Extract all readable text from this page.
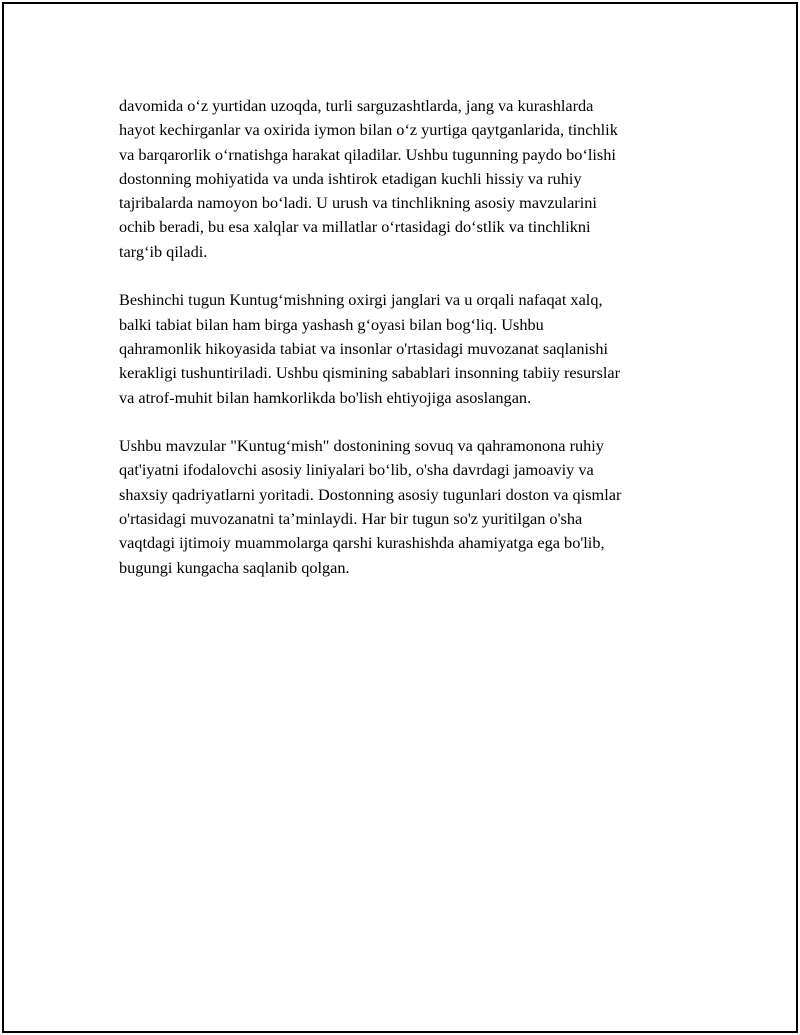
davomida o‘z yurtidan uzoqda, turli sarguzashtlarda, jang va kurashlarda
hayot kechirganlar va oxirida iymon bilan o‘z yurtiga qaytganlarida, tinchlik
va barqarorlik o‘rnatishga harakat qiladilar. Ushbu tugunning paydo bo‘lishi
dostonning mohiyatida va unda ishtirok etadigan kuchli hissiy va ruhiy
tajribalarda namoyon bo‘ladi. U urush va tinchlikning asosiy mavzularini
ochib beradi, bu esa xalqlar va millatlar o‘rtasidagi do‘stlik va tinchlikni
targ‘ib qiladi.

Beshinchi tugun Kuntug‘mishning oxirgi janglari va u orqali nafaqat xalq,
balki tabiat bilan ham birga yashash g‘oyasi bilan bog‘liq. Ushbu
qahramonlik hikoyasida tabiat va insonlar o'rtasidagi muvozanat saqlanishi
kerakligi tushuntiriladi. Ushbu qismining sabablari insonning tabiiy resurslar
va atrof-muhit bilan hamkorlikda bo'lish ehtiyojiga asoslangan.

Ushbu mavzular "Kuntug‘mish" dostonining sovuq va qahramonona ruhiy
qat'iyatni ifodalovchi asosiy liniyalari bo‘lib, o'sha davrdagi jamoaviy va
shaxsiy qadriyatlarni yoritadi. Dostonning asosiy tugunlari doston va qismlar
o'rtasidagi muvozanatni ta’minlaydi. Har bir tugun so'z yuritilgan o'sha
vaqtdagi ijtimoiy muammolarga qarshi kurashishda ahamiyatga ega bo'lib,
bugungi kungacha saqlanib qolgan.
